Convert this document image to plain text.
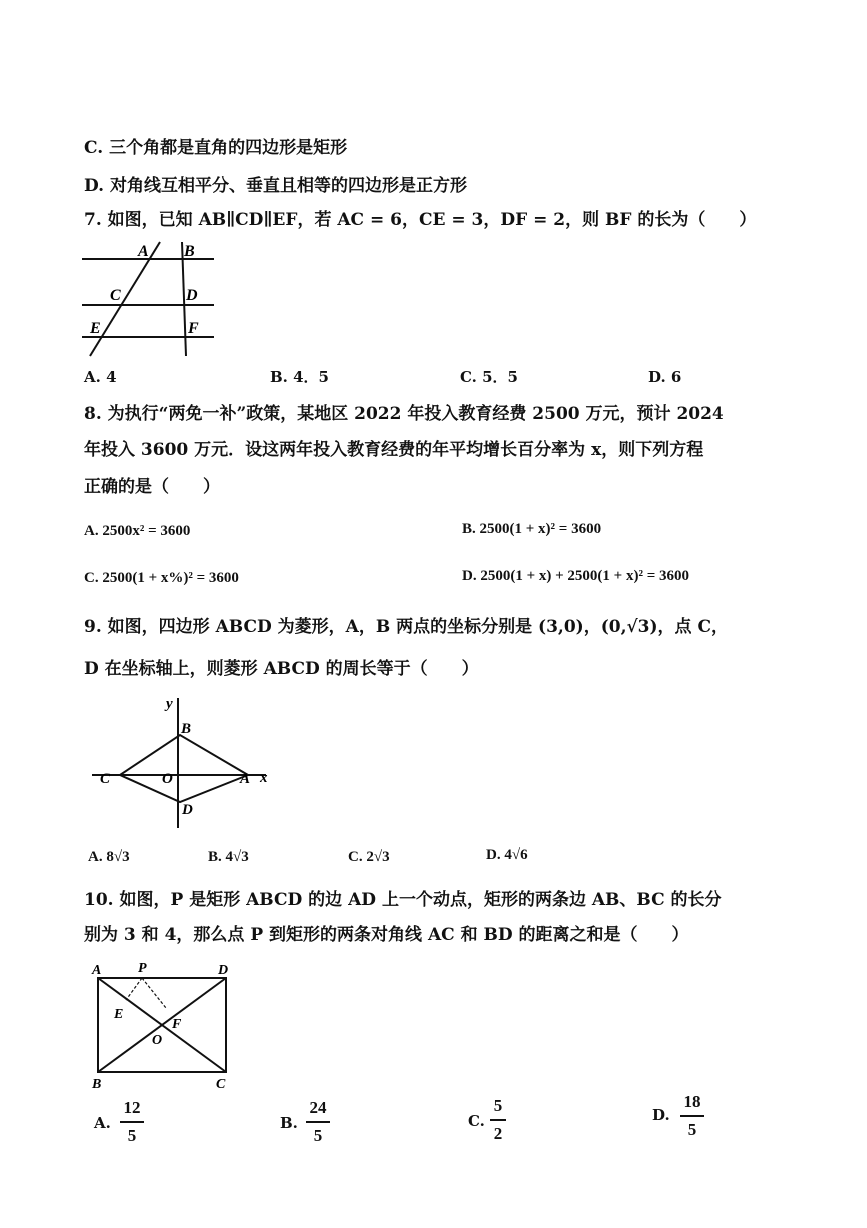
C. 三个角都是直角的四边形是矩形
D. 对角线互相平分、垂直且相等的四边形是正方形
7. 如图，已知 AB∥CD∥EF，若 AC = 6，CE = 3，DF = 2，则 BF 的长为（　　）
A B
C	D
E	F
A. 4	B. 4．5	C. 5．5	D. 6
8. 为执行“两免一补”政策，某地区 2022 年投入教育经费 2500 万元，预计 2024
年投入 3600 万元．设这两年投入教育经费的年平均增长百分率为 x，则下列方程
正确的是（　　）
A. 2500x² = 3600	B. 2500(1 + x)² = 3600
C. 2500(1 + x%)² = 3600	D. 2500(1 + x) + 2500(1 + x)² = 3600
9. 如图，四边形 ABCD 为菱形，A，B 两点的坐标分别是 (3,0)，(0,√3)，点 C，
D 在坐标轴上，则菱形 ABCD 的周长等于（　　）
y
x
B
C	O	A
D
A. 8√3	B. 4√3	C. 2√3	D. 4√6
10. 如图，P 是矩形 ABCD 的边 AD 上一个动点，矩形的两条边 AB、BC 的长分
别为 3 和 4，那么点 P 到矩形的两条对角线 AC 和 BD 的距离之和是（　　）
A	P	D
E
F
O
B	C
A.
12
5
B.
24
5
C.
5
2
D.
18
5
